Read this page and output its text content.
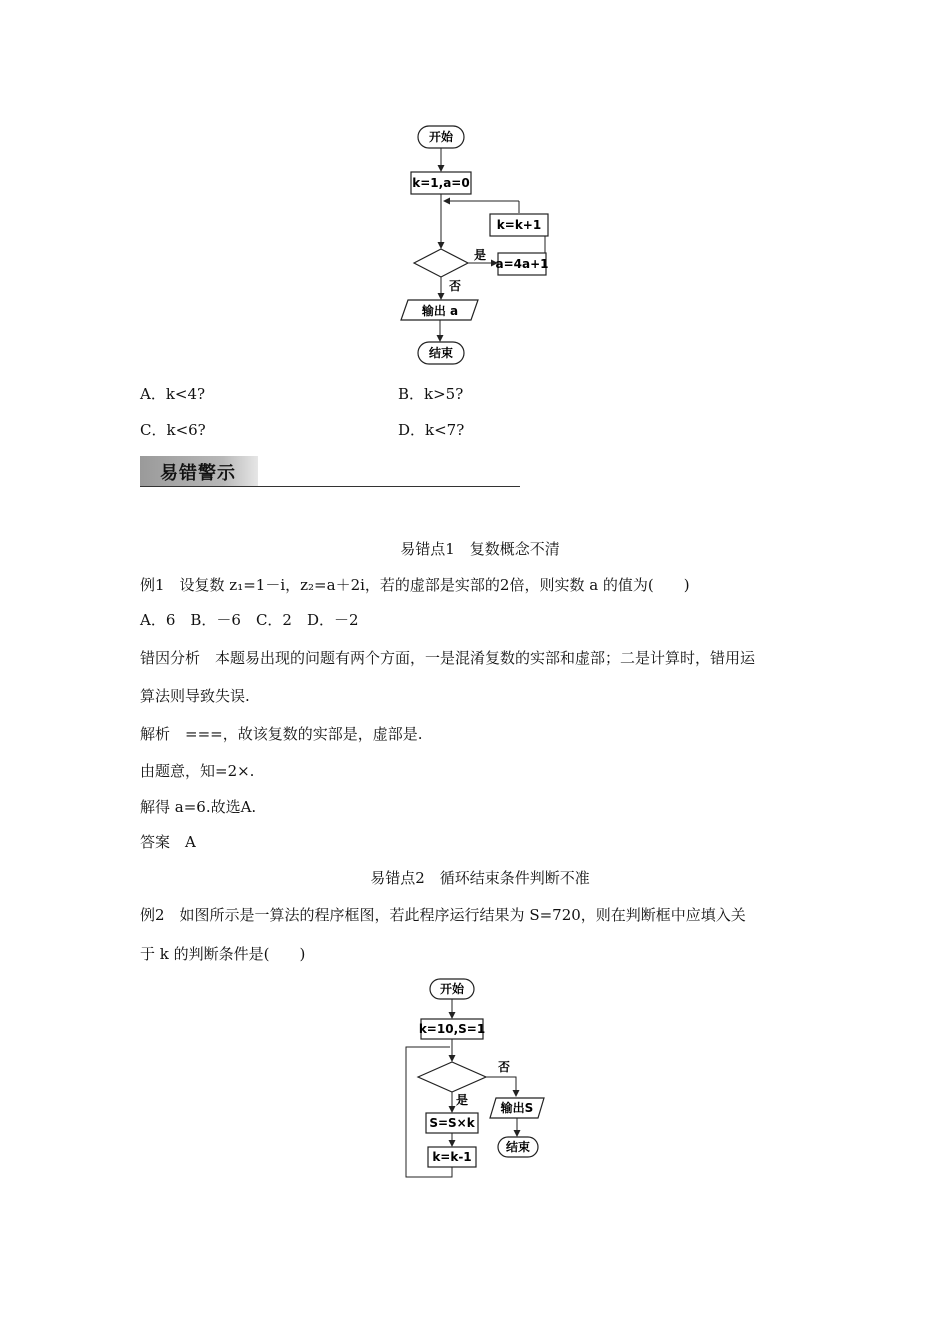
开始
k=1,a=0
k=k+1
是
a=4a+1
否
输出 a
结束
A．k<4?	B．k>5?
C．k<6?	D．k<7?
易错警示
易错点1　复数概念不清
例1　设复数 z₁=1－i，z₂=a＋2i，若的虚部是实部的2倍，则实数 a 的值为(　　)
A．6　B．－6　C．2　D．－2
错因分析　本题易出现的问题有两个方面，一是混淆复数的实部和虚部；二是计算时，错用运
算法则导致失误.
解析　===，故该复数的实部是，虚部是.
由题意，知=2×.
解得 a=6.故选A.
答案　A
易错点2　循环结束条件判断不准
例2　如图所示是一算法的程序框图，若此程序运行结果为 S=720，则在判断框中应填入关
于 k 的判断条件是(　　)
开始
k=10,S=1
否
输出S
结束
是
S=S×k
k=k-1
